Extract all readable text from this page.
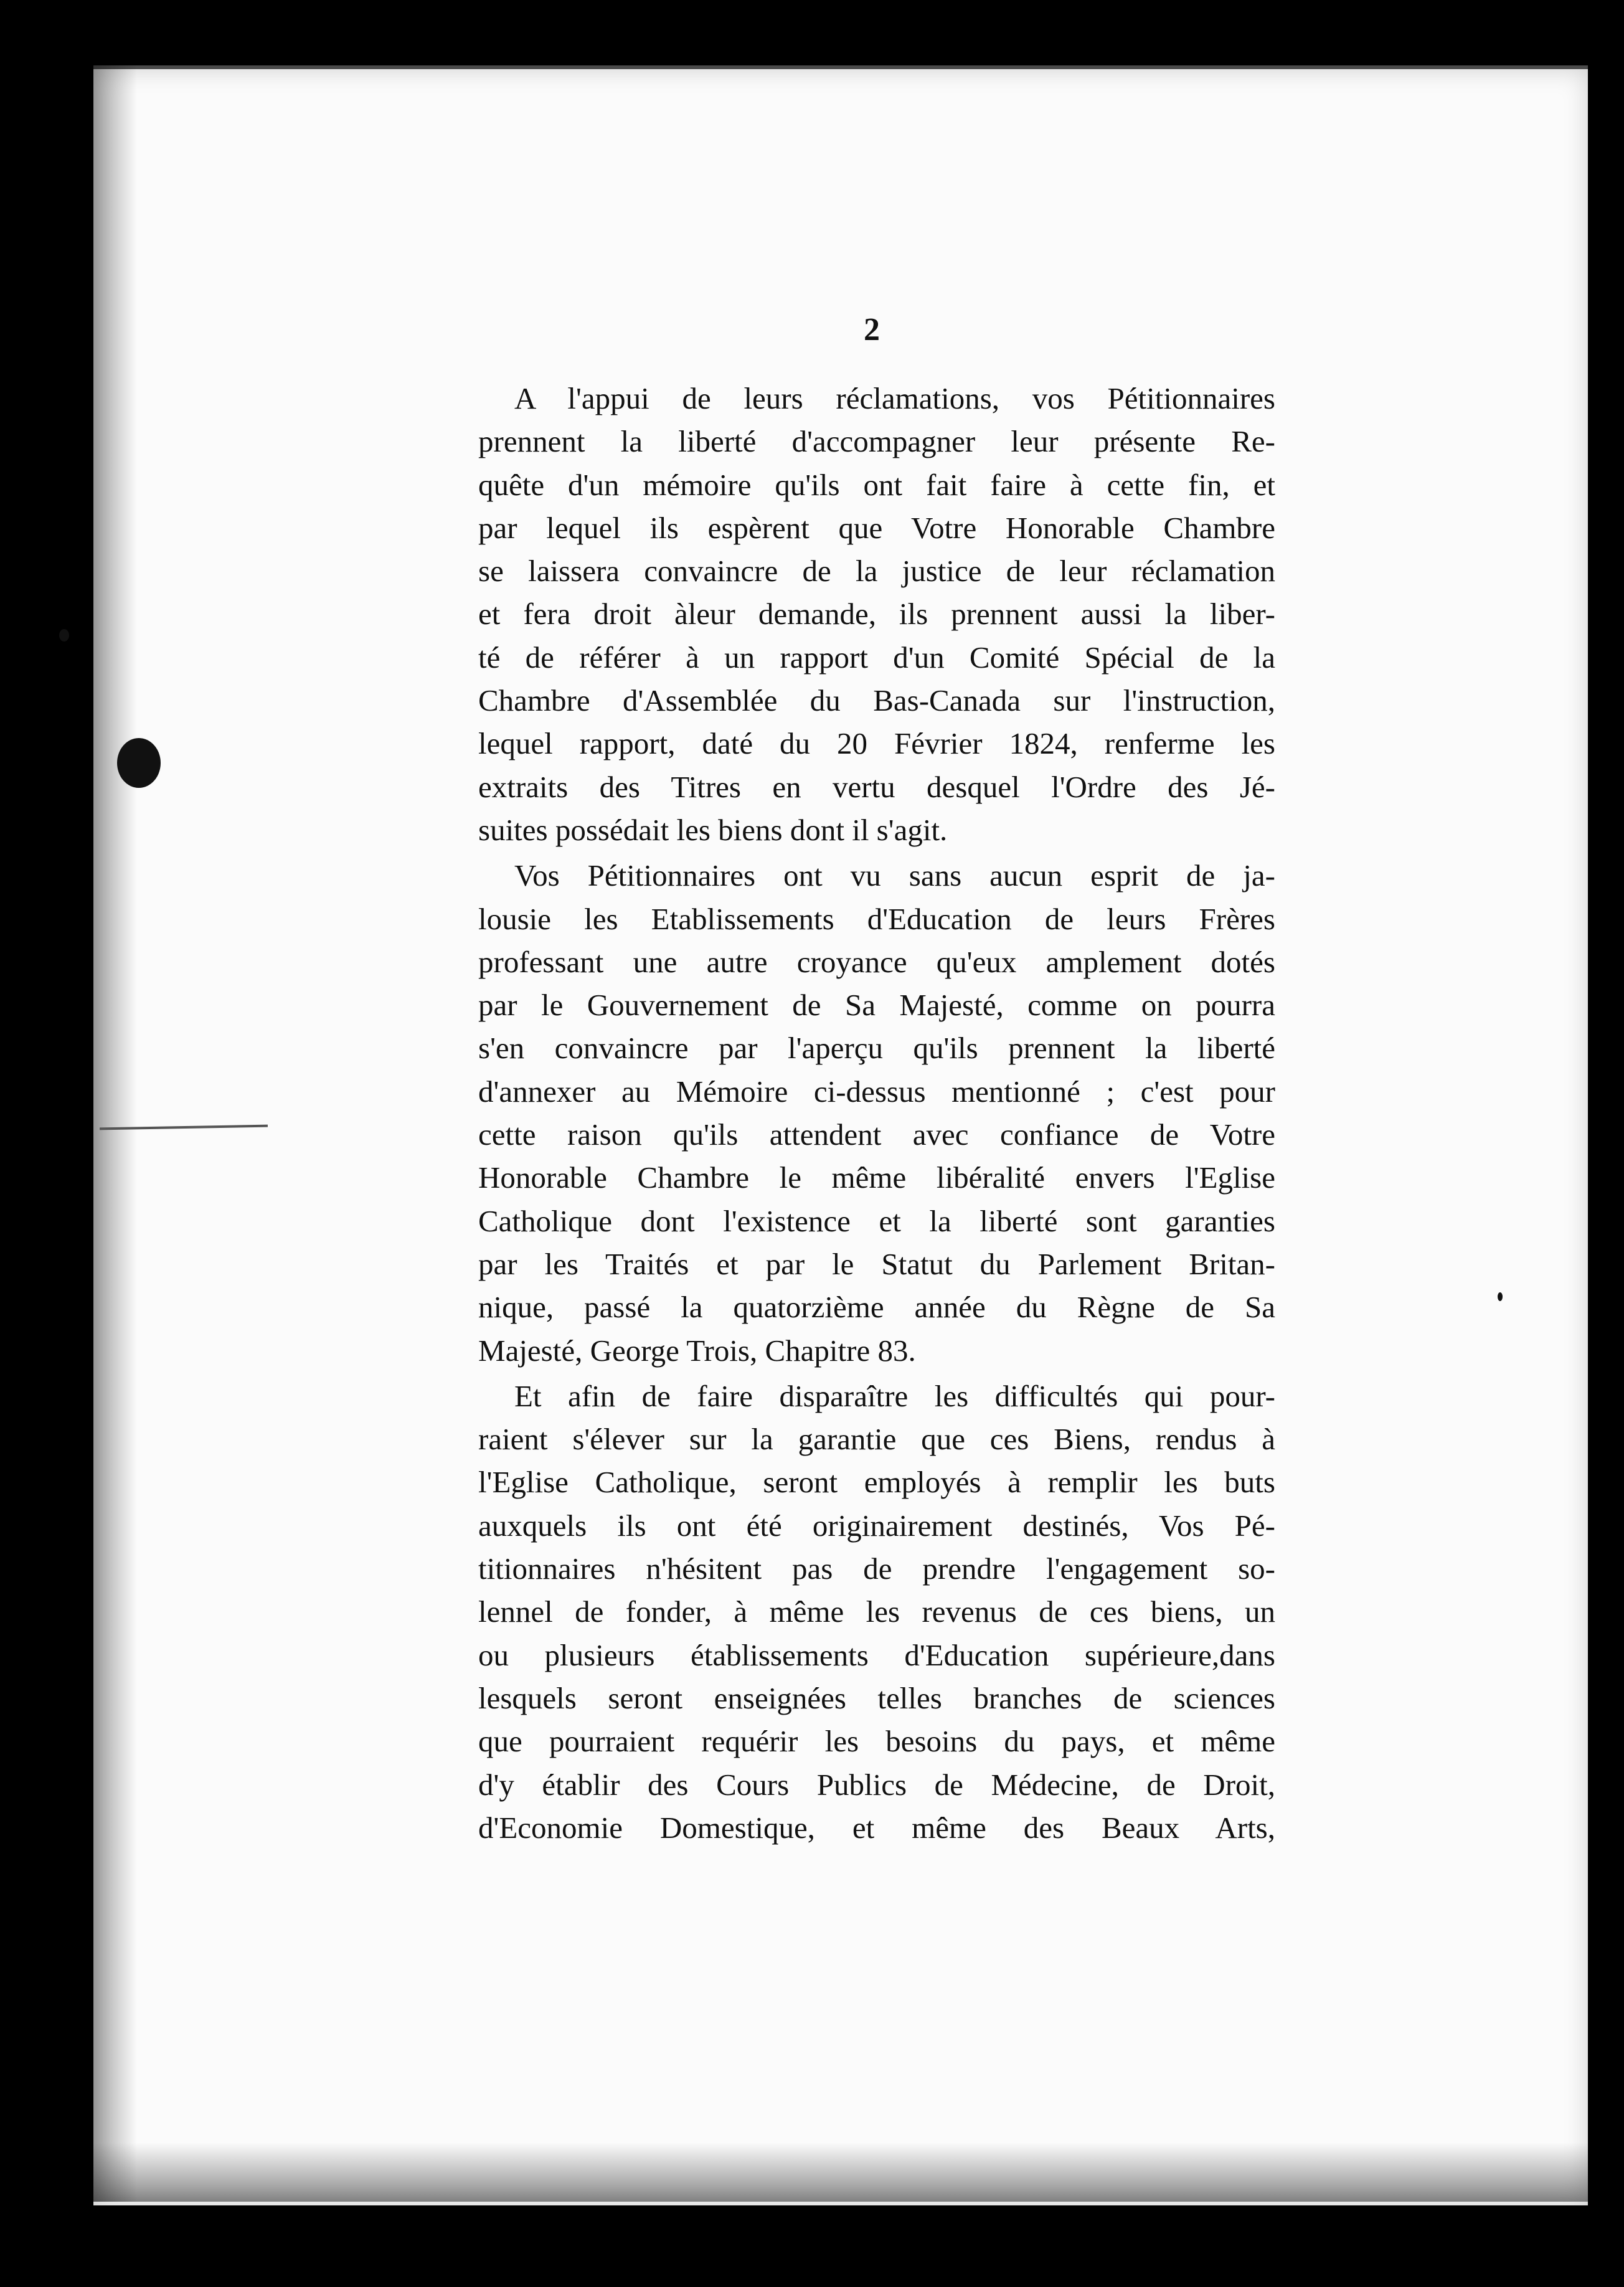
2
A l'appui de leurs réclamations, vos Pétitionnaires
prennent la liberté d'accompagner leur présente Re-
quête d'un mémoire qu'ils ont fait faire à cette fin, et
par lequel ils espèrent que Votre Honorable Chambre
se laissera convaincre de la justice de leur réclamation
et fera droit àleur demande, ils prennent aussi la liber-
té de référer à un rapport d'un Comité Spécial de la
Chambre d'Assemblée du Bas-Canada sur l'instruction,
lequel rapport, daté du 20 Février 1824, renferme les
extraits des Titres en vertu desquel l'Ordre des Jé-
suites possédait les biens dont il s'agit.
Vos Pétitionnaires ont vu sans aucun esprit de ja-
lousie les Etablissements d'Education de leurs Frères
professant une autre croyance qu'eux amplement dotés
par le Gouvernement de Sa Majesté, comme on pourra
s'en convaincre par l'aperçu qu'ils prennent la liberté
d'annexer au Mémoire ci-dessus mentionné ; c'est pour
cette raison qu'ils attendent avec confiance de Votre
Honorable Chambre le même libéralité envers l'Eglise
Catholique dont l'existence et la liberté sont garanties
par les Traités et par le Statut du Parlement Britan-
nique, passé la quatorzième année du Règne de Sa
Majesté, George Trois, Chapitre 83.
Et afin de faire disparaître les difficultés qui pour-
raient s'élever sur la garantie que ces Biens, rendus à
l'Eglise Catholique, seront employés à remplir les buts
auxquels ils ont été originairement destinés, Vos Pé-
titionnaires n'hésitent pas de prendre l'engagement so-
lennel de fonder, à même les revenus de ces biens, un
ou plusieurs établissements d'Education supérieure,dans
lesquels seront enseignées telles branches de sciences
que pourraient requérir les besoins du pays, et même
d'y établir des Cours Publics de Médecine, de Droit,
d'Economie Domestique, et même des Beaux Arts,
